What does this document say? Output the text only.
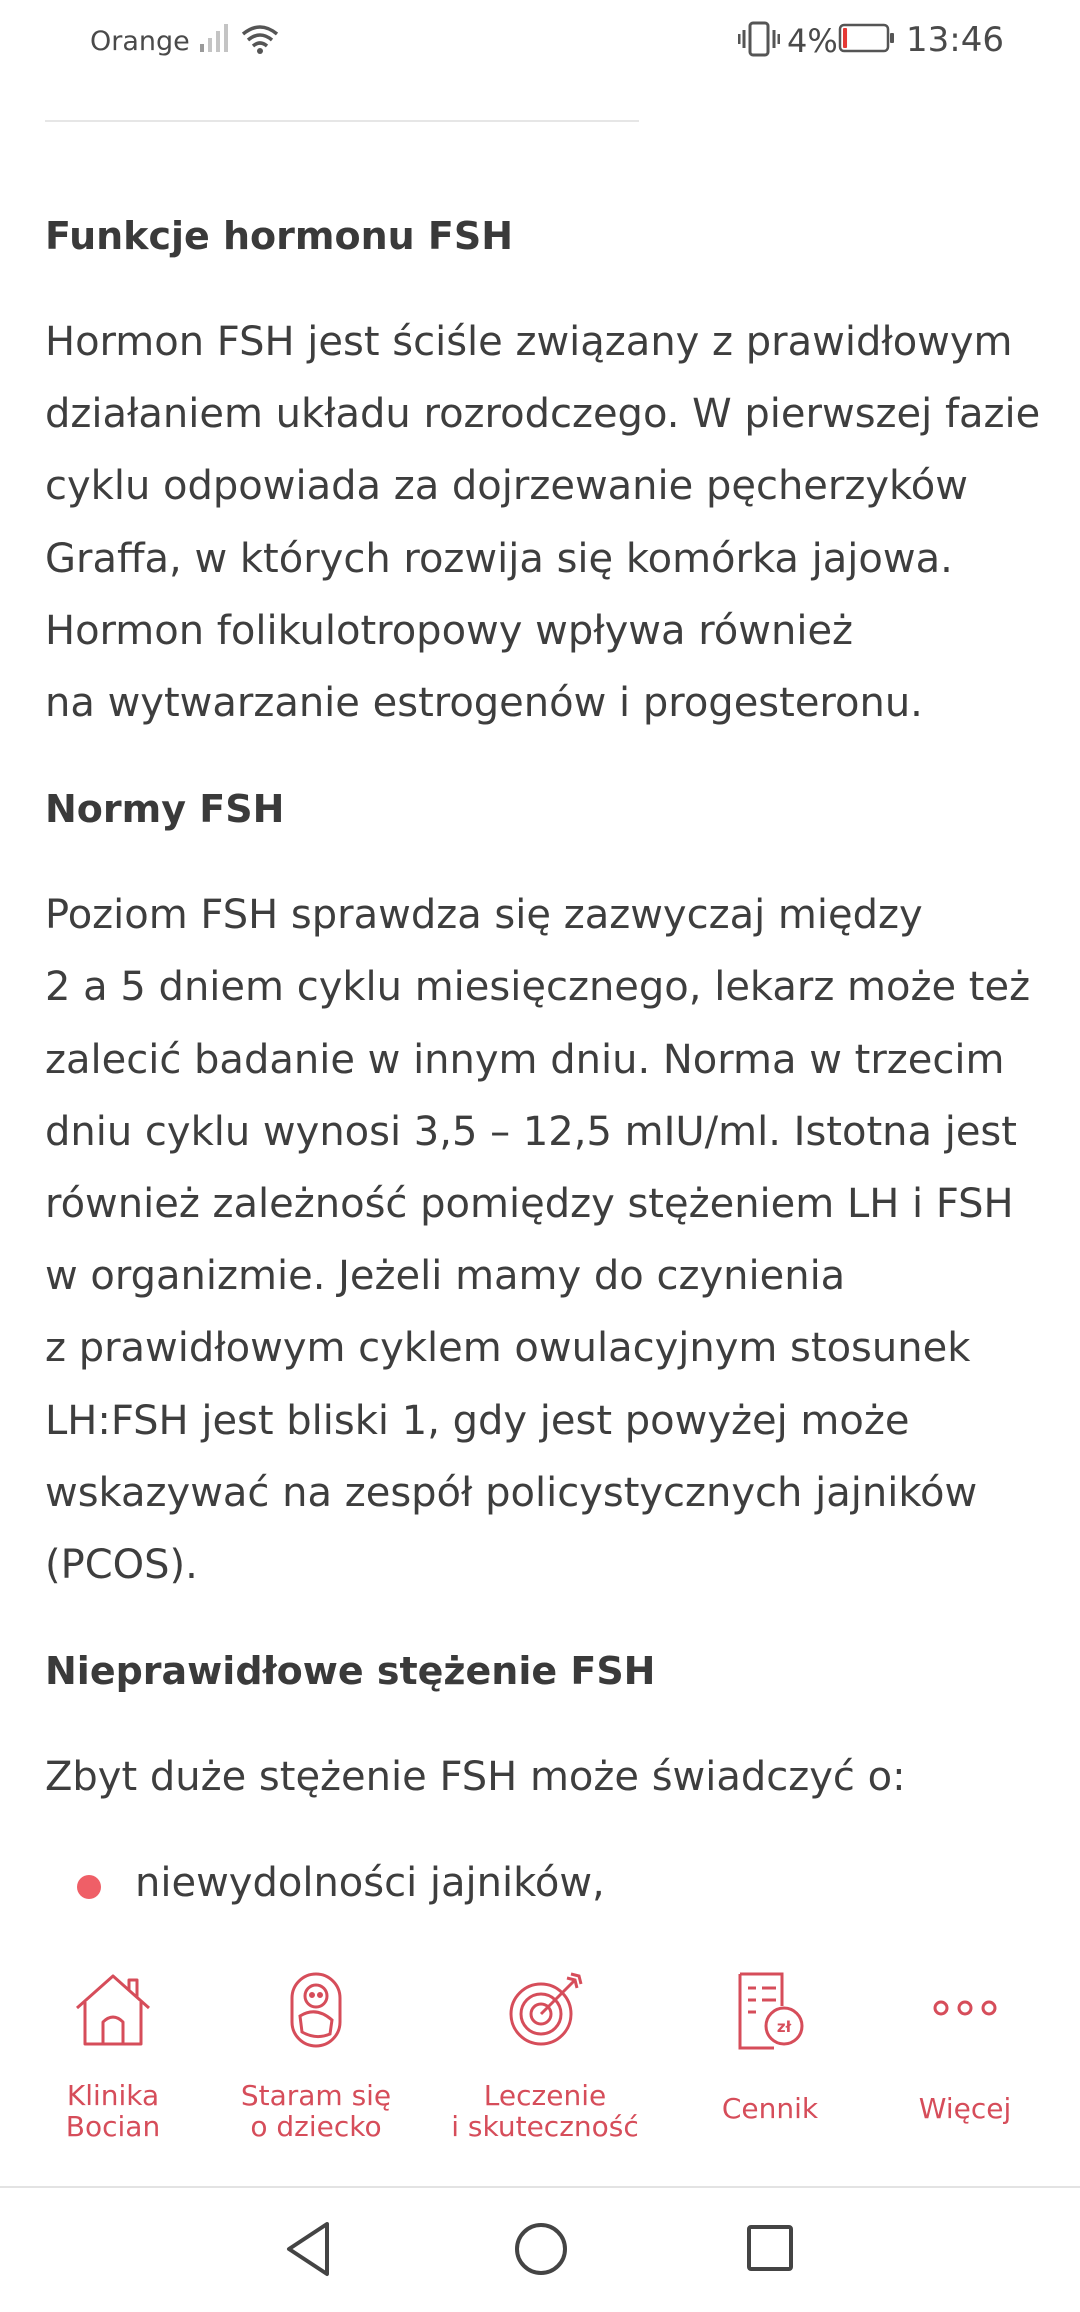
Orange	4% 13:46
Funkcje hormonu FSH

Hormon FSH jest ściśle związany z prawidłowym
działaniem układu rozrodczego. W pierwszej fazie
cyklu odpowiada za dojrzewanie pęcherzyków
Graffa, w których rozwija się komórka jajowa.
Hormon folikulotropowy wpływa również
na wytwarzanie estrogenów i progesteronu.

Normy FSH

Poziom FSH sprawdza się zazwyczaj między
2 a 5 dniem cyklu miesięcznego, lekarz może też
zalecić badanie w innym dniu. Norma w trzecim
dniu cyklu wynosi 3,5 – 12,5 mIU/ml. Istotna jest
również zależność pomiędzy stężeniem LH i FSH
w organizmie. Jeżeli mamy do czynienia
z prawidłowym cyklem owulacyjnym stosunek
LH:FSH jest bliski 1, gdy jest powyżej może
wskazywać na zespół policystycznych jajników
(PCOS).

Nieprawidłowe stężenie FSH

Zbyt duże stężenie FSH może świadczyć o:

niewydolności jajników,
Klinika
Bocian
Staram się
o dziecko
Leczenie
i skuteczność
zł
Cennik	Więcej
